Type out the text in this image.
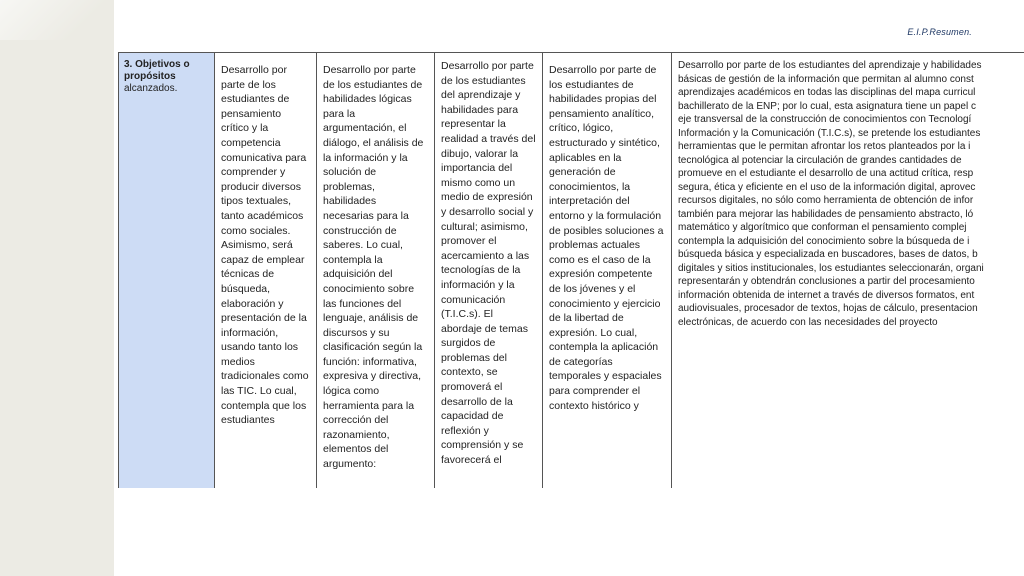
E.I.P.Resumen.
3. Objetivos o propósitos
alcanzados.
Desarrollo por parte de los estudiantes de pensamiento crítico y la competencia comunicativa para comprender y producir diversos tipos textuales, tanto académicos como sociales. Asimismo, será capaz de emplear técnicas de búsqueda, elaboración y presentación de la información, usando tanto los medios tradicionales como las TIC. Lo cual, contempla que los estudiantes
Desarrollo por parte de los estudiantes de habilidades lógicas para la argumentación, el diálogo, el análisis de la información y la solución de problemas, habilidades necesarias para la construcción de saberes. Lo cual, contempla la adquisición del conocimiento sobre las funciones del lenguaje, análisis de discursos y su clasificación según la función: informativa, expresiva y directiva, lógica como herramienta para la corrección del razonamiento, elementos del argumento:
Desarrollo por parte de los estudiantes del aprendizaje y habilidades para representar la realidad a través del dibujo, valorar la importancia del mismo como un medio de expresión y desarrollo social y cultural; asimismo, promover el acercamiento a las tecnologías de la información y la comunicación (T.I.C.s). El abordaje de temas surgidos de problemas del contexto, se promoverá el desarrollo de la capacidad de reflexión y comprensión y se favorecerá el
Desarrollo por parte de los estudiantes de habilidades propias del pensamiento analítico, crítico, lógico, estructurado y sintético, aplicables en la generación de conocimientos, la interpretación del entorno y la formulación de posibles soluciones a problemas actuales como es el caso de la expresión competente de los jóvenes y el conocimiento y ejercicio de la libertad de expresión. Lo cual, contempla la aplicación de categorías temporales y espaciales para comprender el contexto histórico y
Desarrollo por parte de los estudiantes del aprendizaje y habilidades
básicas de gestión de la información que permitan al alumno const
aprendizajes académicos en todas las disciplinas del mapa curricul
bachillerato de la ENP; por lo cual, esta asignatura tiene un papel c
eje transversal de la construcción de conocimientos con Tecnologí
Información y la Comunicación (T.I.C.s), se pretende los estudiantes
herramientas que le permitan afrontar los retos planteados por la i
tecnológica al potenciar la circulación de grandes cantidades de
promueve en el estudiante el desarrollo de una actitud crítica, resp
segura, ética y eficiente en el uso de la información digital, aprovec
recursos digitales, no sólo como herramienta de obtención de infor
también para mejorar las habilidades de pensamiento abstracto, ló
matemático y algorítmico que conforman el pensamiento complej
contempla la adquisición del conocimiento sobre la búsqueda de i
búsqueda básica y especializada en buscadores, bases de datos, b
digitales y sitios institucionales, los estudiantes seleccionarán, organi
representarán y obtendrán conclusiones a partir del procesamiento
información obtenida de internet a través de diversos formatos, ent
audiovisuales, procesador de textos, hojas de cálculo, presentacion
electrónicas, de acuerdo con las necesidades del proyecto
